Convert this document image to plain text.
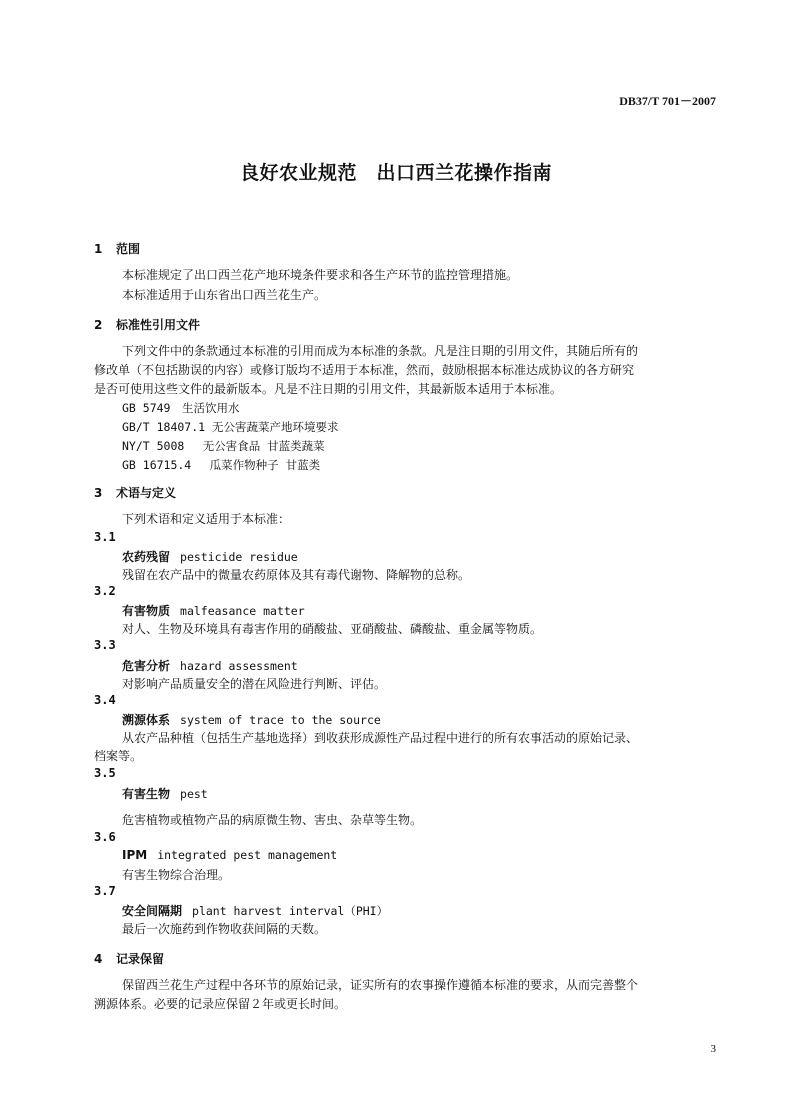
DB37/T 701－2007
良好农业规范　出口西兰花操作指南
1 范围
本标准规定了出口西兰花产地环境条件要求和各生产环节的监控管理措施。
本标准适用于山东省出口西兰花生产。
2 标准性引用文件
下列文件中的条款通过本标准的引用而成为本标准的条款。凡是注日期的引用文件，其随后所有的
修改单（不包括勘误的内容）或修订版均不适用于本标准，然而，鼓励根据本标准达成协议的各方研究
是否可使用这些文件的最新版本。凡是不注日期的引用文件，其最新版本适用于本标准。
GB 5749　生活饮用水
GB/T 18407.1 无公害蔬菜产地环境要求
NY/T 5008　 无公害食品 甘蓝类蔬菜
GB 16715.4　 瓜菜作物种子 甘蓝类
3 术语与定义
下列术语和定义适用于本标准：
3.1
农药残留 pesticide residue
残留在农产品中的微量农药原体及其有毒代谢物、降解物的总称。
3.2
有害物质 malfeasance matter
对人、生物及环境具有毒害作用的硝酸盐、亚硝酸盐、磷酸盐、重金属等物质。
3.3
危害分析 hazard assessment
对影响产品质量安全的潜在风险进行判断、评估。
3.4
溯源体系 system of trace to the source
从农产品种植（包括生产基地选择）到收获形成源性产品过程中进行的所有农事活动的原始记录、
档案等。
3.5
有害生物 pest
危害植物或植物产品的病原微生物、害虫、杂草等生物。
3.6
IPM integrated pest management
有害生物综合治理。
3.7
安全间隔期 plant harvest interval（PHI）
最后一次施药到作物收获间隔的天数。
4 记录保留
保留西兰花生产过程中各环节的原始记录，证实所有的农事操作遵循本标准的要求，从而完善整个
溯源体系。必要的记录应保留２年或更长时间。
3
